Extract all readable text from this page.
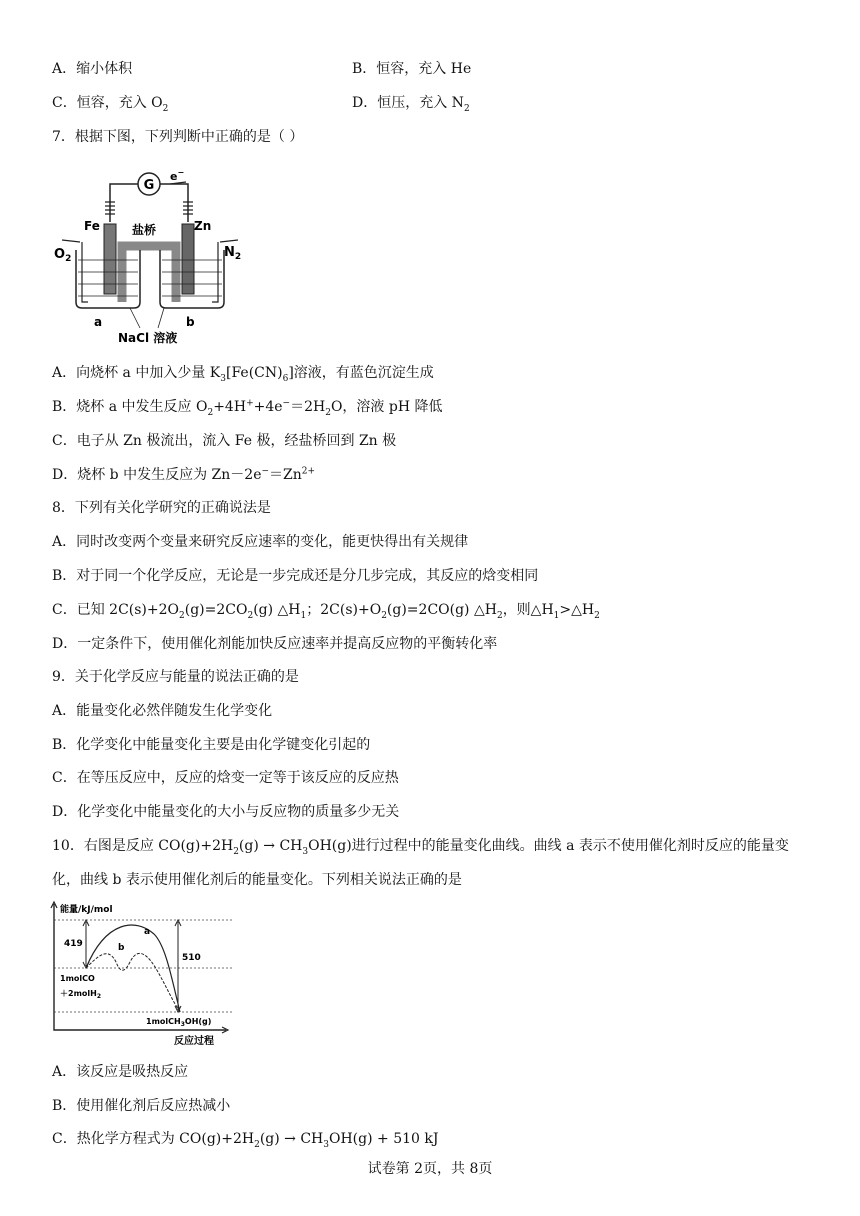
A．缩小体积	B．恒容，充入 He
C．恒容，充入 $O_2$	D．恒压，充入 $N_2$
7．根据下图，下列判断中正确的是（ ）
G
e−
Fe	Zn
盐桥
$O_2$	$N_2$
a	b
NaCl 溶液
A．向烧杯 a 中加入少量 $K_3[Fe(CN)_6]$溶液，有蓝色沉淀生成
B．烧杯 a 中发生反应 $O_2+4H^++4e^-=2H_2O$，溶液 pH 降低
C．电子从 Zn 极流出，流入 Fe 极，经盐桥回到 Zn 极
D．烧杯 b 中发生反应为 $Zn-2e^-=Zn^{2+}$
8．下列有关化学研究的正确说法是
A．同时改变两个变量来研究反应速率的变化，能更快得出有关规律
B．对于同一个化学反应，无论是一步完成还是分几步完成，其反应的焓变相同
C．已知 $2C(s)+2O_2(g)=2CO_2(g)$ $\triangle H_1$；$2C(s)+O_2(g)=2CO(g)$ $\triangle H_2$，则$\triangle H_1>\triangle H_2$
D．一定条件下，使用催化剂能加快反应速率并提高反应物的平衡转化率
9．关于化学反应与能量的说法正确的是
A．能量变化必然伴随发生化学变化
B．化学变化中能量变化主要是由化学键变化引起的
C．在等压反应中，反应的焓变一定等于该反应的反应热
D．化学变化中能量变化的大小与反应物的质量多少无关
10．右图是反应 $CO(g)+2H_2(g) \to CH_3OH(g)$进行过程中的能量变化曲线。曲线 a 表示不使用催化剂时反应的能量变
化，曲线 b 表示使用催化剂后的能量变化。下列相关说法正确的是
能量/kJ/mol
反应过程
a
b
419
510
1molCO
＋2molH$_2$
1molCH$_3$OH(g)
A．该反应是吸热反应
B．使用催化剂后反应热减小
C．热化学方程式为 $CO(g)+2H_2(g) \to CH_3OH(g) + 510$ kJ
试卷第 2页，共 8页
